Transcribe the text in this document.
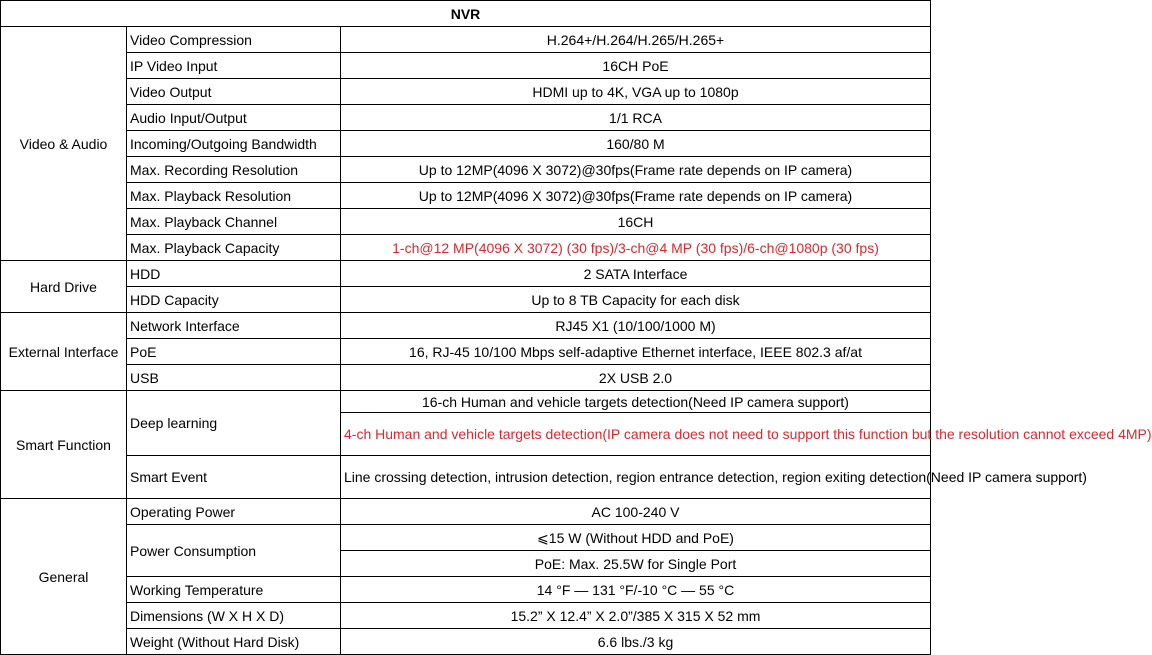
NVR		
Video & Audio	Video Compression	H.264+/H.264/H.265/H.265+
	IP Video Input	16CH PoE
	Video Output	HDMI up to 4K, VGA up to 1080p
	Audio Input/Output	1/1 RCA
	Incoming/Outgoing Bandwidth	160/80 M
	Max. Recording Resolution	Up to 12MP(4096 X 3072)@30fps(Frame rate depends on IP camera)
	Max. Playback Resolution	Up to 12MP(4096 X 3072)@30fps(Frame rate depends on IP camera)
	Max. Playback Channel	16CH
	Max. Playback Capacity	1-ch@12 MP(4096 X 3072) (30 fps)/3-ch@4 MP (30 fps)/6-ch@1080p (30 fps)
Hard Drive	HDD	2 SATA Interface
	HDD Capacity	Up to 8 TB Capacity for each disk
External Interface	Network Interface	RJ45 X1 (10/100/1000 M)
	PoE	16, RJ-45 10/100 Mbps self-adaptive Ethernet interface, IEEE 802.3 af/at
	USB	2X USB 2.0
Smart Function	Deep learning	16-ch Human and vehicle targets detection(Need IP camera support)
		4-ch Human and vehicle targets detection(IP camera does not need to support this function but the resolution cannot exceed 4MP)
	Smart Event	Line crossing detection, intrusion detection, region entrance detection, region exiting detection(Need IP camera support)
General	Operating Power	AC 100-240 V
	Power Consumption	⩽15 W (Without HDD and PoE)
		PoE: Max. 25.5W for Single Port
	Working Temperature	14 °F — 131 °F/-10 °C — 55 °C
	Dimensions (W X H X D)	15.2” X 12.4” X 2.0”/385 X 315 X 52 mm
	Weight (Without Hard Disk)	6.6 lbs./3 kg
